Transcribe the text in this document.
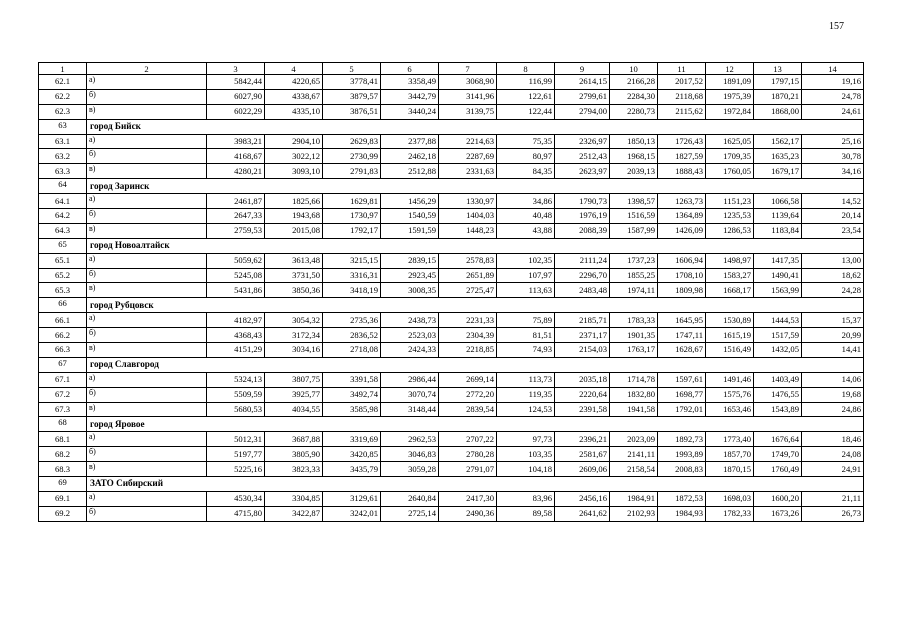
157
1	2	3	4	5	6	7	8	9	10	11	12	13	14
62.1	а)	5842,44	4220,65	3778,41	3358,49	3068,90	116,99	2614,15	2166,28	2017,52	1891,09	1797,15	19,16
62.2	б)	6027,90	4338,67	3879,57	3442,79	3141,96	122,61	2799,61	2284,30	2118,68	1975,39	1870,21	24,78
62.3	в)	6022,29	4335,10	3876,51	3440,24	3139,75	122,44	2794,00	2280,73	2115,62	1972,84	1868,00	24,61
63	город Бийск												
63.1	а)	3983,21	2904,10	2629,83	2377,88	2214,63	75,35	2326,97	1850,13	1726,43	1625,05	1562,17	25,16
63.2	б)	4168,67	3022,12	2730,99	2462,18	2287,69	80,97	2512,43	1968,15	1827,59	1709,35	1635,23	30,78
63.3	в)	4280,21	3093,10	2791,83	2512,88	2331,63	84,35	2623,97	2039,13	1888,43	1760,05	1679,17	34,16
64	город Заринск												
64.1	а)	2461,87	1825,66	1629,81	1456,29	1330,97	34,86	1790,73	1398,57	1263,73	1151,23	1066,58	14,52
64.2	б)	2647,33	1943,68	1730,97	1540,59	1404,03	40,48	1976,19	1516,59	1364,89	1235,53	1139,64	20,14
64.3	в)	2759,53	2015,08	1792,17	1591,59	1448,23	43,88	2088,39	1587,99	1426,09	1286,53	1183,84	23,54
65	город Новоалтайск												
65.1	а)	5059,62	3613,48	3215,15	2839,15	2578,83	102,35	2111,24	1737,23	1606,94	1498,97	1417,35	13,00
65.2	б)	5245,08	3731,50	3316,31	2923,45	2651,89	107,97	2296,70	1855,25	1708,10	1583,27	1490,41	18,62
65.3	в)	5431,86	3850,36	3418,19	3008,35	2725,47	113,63	2483,48	1974,11	1809,98	1668,17	1563,99	24,28
66	город Рубцовск												
66.1	а)	4182,97	3054,32	2735,36	2438,73	2231,33	75,89	2185,71	1783,33	1645,95	1530,89	1444,53	15,37
66.2	б)	4368,43	3172,34	2836,52	2523,03	2304,39	81,51	2371,17	1901,35	1747,11	1615,19	1517,59	20,99
66.3	в)	4151,29	3034,16	2718,08	2424,33	2218,85	74,93	2154,03	1763,17	1628,67	1516,49	1432,05	14,41
67	город Славгород												
67.1	а)	5324,13	3807,75	3391,58	2986,44	2699,14	113,73	2035,18	1714,78	1597,61	1491,46	1403,49	14,06
67.2	б)	5509,59	3925,77	3492,74	3070,74	2772,20	119,35	2220,64	1832,80	1698,77	1575,76	1476,55	19,68
67.3	в)	5680,53	4034,55	3585,98	3148,44	2839,54	124,53	2391,58	1941,58	1792,01	1653,46	1543,89	24,86
68	город Яровое												
68.1	а)	5012,31	3687,88	3319,69	2962,53	2707,22	97,73	2396,21	2023,09	1892,73	1773,40	1676,64	18,46
68.2	б)	5197,77	3805,90	3420,85	3046,83	2780,28	103,35	2581,67	2141,11	1993,89	1857,70	1749,70	24,08
68.3	в)	5225,16	3823,33	3435,79	3059,28	2791,07	104,18	2609,06	2158,54	2008,83	1870,15	1760,49	24,91
69	ЗАТО Сибирский												
69.1	а)	4530,34	3304,85	3129,61	2640,84	2417,30	83,96	2456,16	1984,91	1872,53	1698,03	1600,20	21,11
69.2	б)	4715,80	3422,87	3242,01	2725,14	2490,36	89,58	2641,62	2102,93	1984,93	1782,33	1673,26	26,73
